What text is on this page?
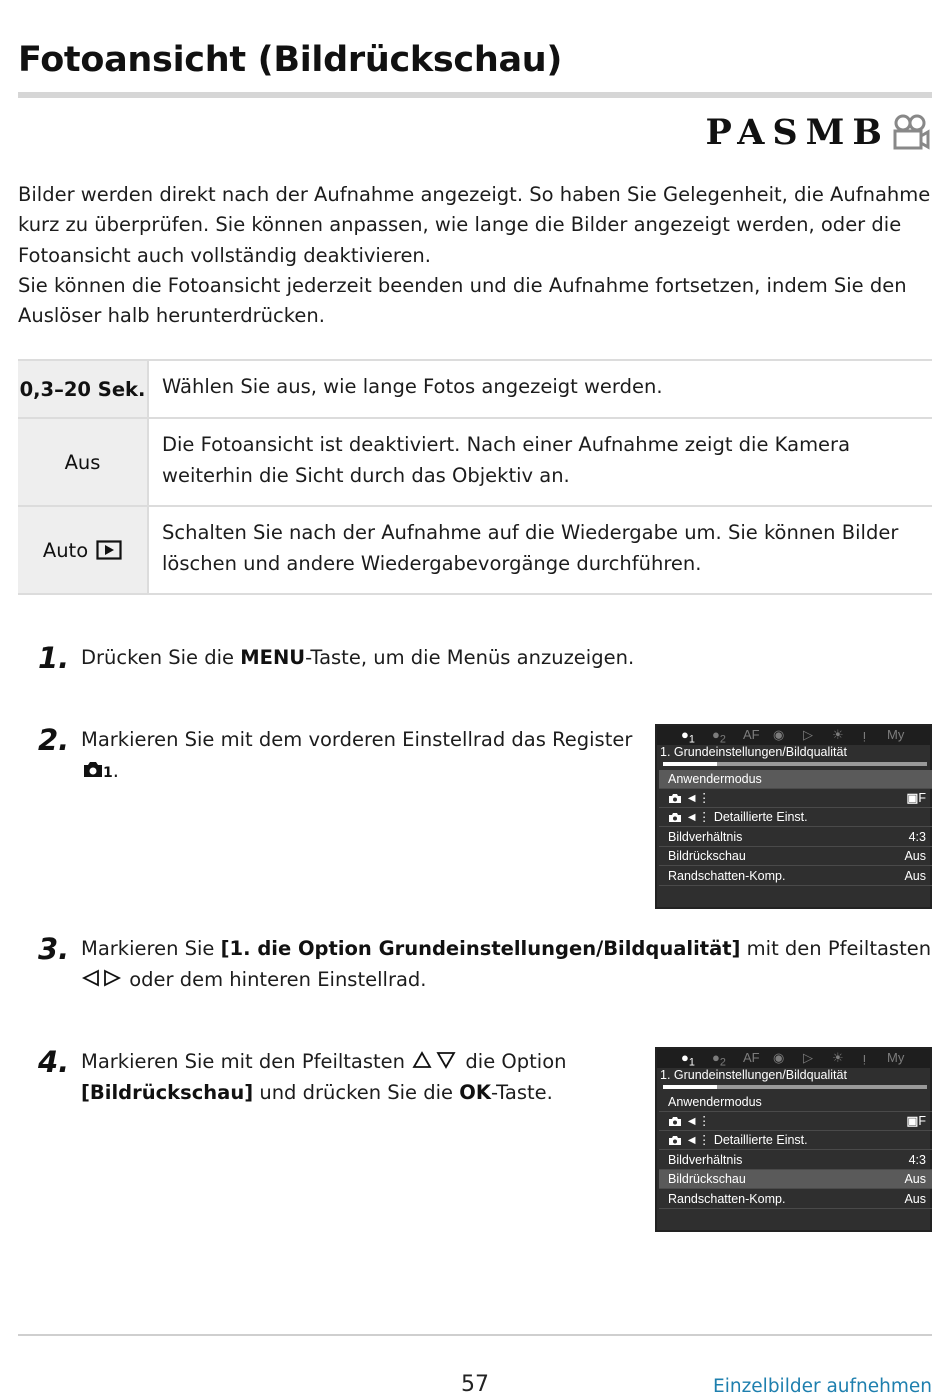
Fotoansicht (Bildrückschau)
PASMB

Bilder werden direkt nach der Aufnahme angezeigt. So haben Sie Gelegenheit, die Aufnahme kurz zu überprüfen. Sie können anpassen, wie lange die Bilder angezeigt werden, oder die Fotoansicht auch vollständig deaktivieren.

Sie können die Fotoansicht jederzeit beenden und die Aufnahme fortsetzen, indem Sie den Auslöser halb herunterdrücken.

0,3–20 Sek.	Wählen Sie aus, wie lange Fotos angezeigt werden.
Aus	Die Fotoansicht ist deaktiviert. Nach einer Aufnahme zeigt die Kamera weiterhin die Sicht durch das Objektiv an.
Auto	Schalten Sie nach der Aufnahme auf die Wiedergabe um. Sie können Bilder löschen und andere Wiedergabevorgänge durchführen.
1. Drücken Sie die MENU-Taste, um die Menüs anzuzeigen.
2. Markieren Sie mit dem vorderen Einstellrad das Register 1.
$●_1$ $●_2$ AF ◉ ▷ ☀ ᴉ My
1. Grundeinstellungen/Bildqualität
Anwendermodus
◄⋮	▣F
◄⋮ Detaillierte Einst.
Bildverhältnis	4:3
Bildrückschau	Aus
Randschatten-Komp.	Aus
3. Markieren Sie [1. die Option Grundeinstellungen/Bildqualität] mit den Pfeiltasten  oder dem hinteren Einstellrad.
4. Markieren Sie mit den Pfeiltasten  die Option [Bildrückschau] und drücken Sie die OK-Taste.
$●_1$ $●_2$ AF ◉ ▷ ☀ ᴉ My
1. Grundeinstellungen/Bildqualität
Anwendermodus
◄⋮	▣F
◄⋮ Detaillierte Einst.
Bildverhältnis	4:3
Bildrückschau	Aus
Randschatten-Komp.	Aus
57	Einzelbilder aufnehmen
